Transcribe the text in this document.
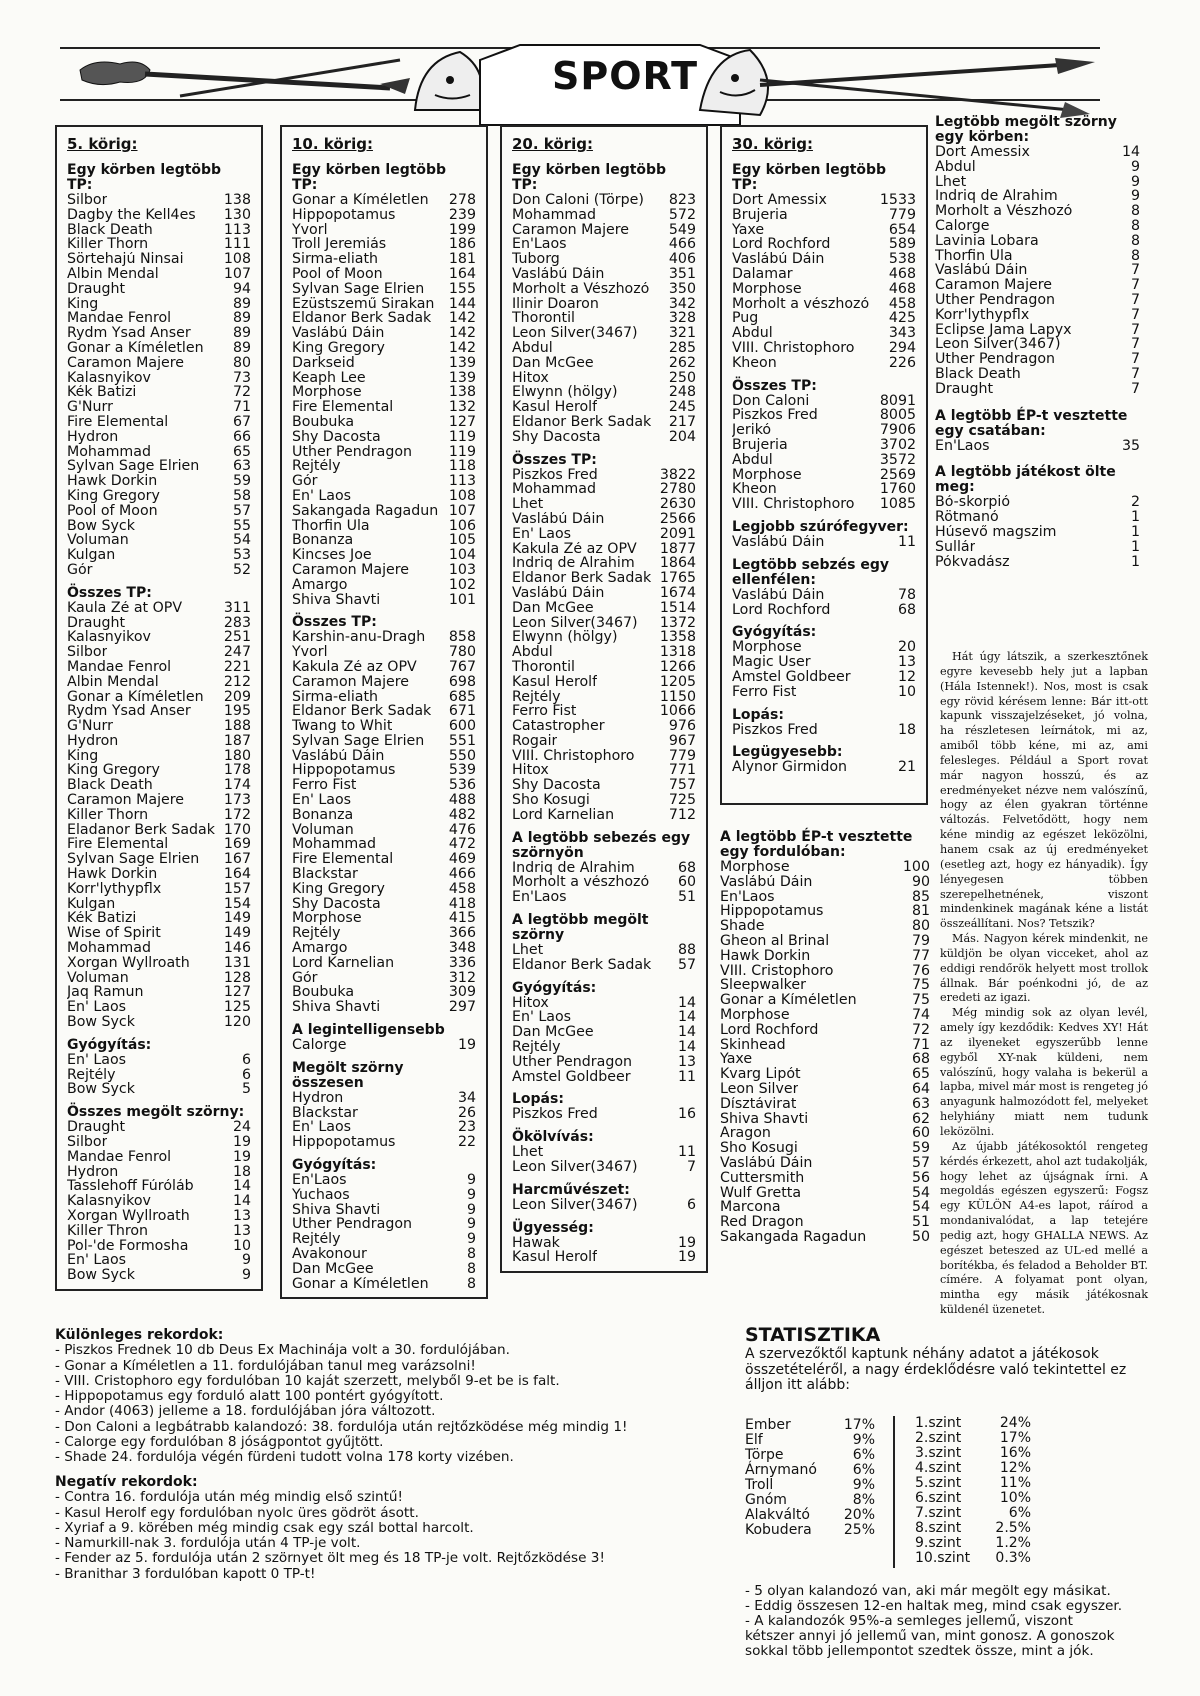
SPORT
5. körig:
Egy körben legtöbb TP:
Silbor	138
Dagby the Kell4es 130
Black Death	113
Killer Thorn	111
Sörtehajú Ninsai	108
Albin Mendal	107
Draught	94
King	89
Mandae Fenrol	89
Rydm Ysad Anser	89
Gonar a Kíméletlen 89
Caramon Majere	80
Kalasnyikov	73
Kék Batizi	72
G'Nurr	71
Fire Elemental	67
Hydron	66
Mohammad	65
Sylvan Sage Elrien 63
Hawk Dorkin	59
King Gregory	58
Pool of Moon	57
Bow Syck	55
Voluman	54
Kulgan	53
Gór	52
Összes TP:
Kaula Zé at OPV	311
Draught	283
Kalasnyikov	251
Silbor	247
Mandae Fenrol	221
Albin Mendal	212
Gonar a Kíméletlen 209
Rydm Ysad Anser 195
G'Nurr	188
Hydron	187
King	180
King Gregory	178
Black Death	174
Caramon Majere	173
Killer Thorn	172
Eladanor Berk Sadak 170
Fire Elemental	169
Sylvan Sage Elrien 167
Hawk Dorkin	164
Korr'lythypflx	157
Kulgan	154
Kék Batizi	149
Wise of Spirit	149
Mohammad	146
Xorgan Wyllroath 131
Voluman	128
Jaq Ramun	127
En' Laos	125
Bow Syck	120
Gyógyítás:
En' Laos	6
Rejtély	6
Bow Syck	5
Összes megölt szörny:
Draught	24
Silbor	19
Mandae Fenrol	19
Hydron	18
Tasslehoff Fúróláb	14
Kalasnyikov	14
Xorgan Wyllroath	13
Killer Thron	13
Pol-'de Formosha	10
En' Laos	9
Bow Syck	9
10. körig:
Egy körben legtöbb TP:
Gonar a Kíméletlen 278
Hippopotamus	239
Yvorl	199
Troll Jeremiás	186
Sirma-eliath	181
Pool of Moon	164
Sylvan Sage Elrien 155
Ezüstszemű Sirakan 144
Eldanor Berk Sadak 142
Vaslábú Dáin	142
King Gregory	142
Darkseid	139
Keaph Lee	139
Morphose	138
Fire Elemental	132
Boubuka	127
Shy Dacosta	119
Uther Pendragon	119
Rejtély	118
Gór	113
En' Laos	108
Sakangada Ragadun 107
Thorfin Ula	106
Bonanza	105
Kincses Joe	104
Caramon Majere	103
Amargo	102
Shiva Shavti	101
Összes TP:
Karshin-anu-Dragh 858
Yvorl	780
Kakula Zé az OPV 767
Caramon Majere	698
Sirma-eliath	685
Eldanor Berk Sadak 671
Twang to Whit	600
Sylvan Sage Elrien 551
Vaslábú Dáin	550
Hippopotamus	539
Ferro Fist	536
En' Laos	488
Bonanza	482
Voluman	476
Mohammad	472
Fire Elemental	469
Blackstar	466
King Gregory	458
Shy Dacosta	418
Morphose	415
Rejtély	366
Amargo	348
Lord Karnelian	336
Gór	312
Boubuka	309
Shiva Shavti	297
A legintelligensebb
Calorge	19
Megölt szörny összesen
Hydron	34
Blackstar	26
En' Laos	23
Hippopotamus	22
Gyógyítás:
En'Laos	9
Yuchaos	9
Shiva Shavti	9
Uther Pendragon	9
Rejtély	9
Avakonour	8
Dan McGee	8
Gonar a Kíméletlen	8
20. körig:
Egy körben legtöbb TP:
Don Caloni (Törpe) 823
Mohammad	572
Caramon Majere	549
En'Laos	466
Tuborg	406
Vaslábú Dáin	351
Morholt a Vészhozó 350
Ilinir Doaron	342
Thorontil	328
Leon Silver(3467) 321
Abdul	285
Dan McGee	262
Hitox	250
Elwynn (hölgy)	248
Kasul Herolf	245
Eldanor Berk Sadak 217
Shy Dacosta	204
Összes TP:
Piszkos Fred	3822
Mohammad	2780
Lhet	2630
Vaslábú Dáin	2566
En' Laos	2091
Kakula Zé az OPV 1877
Indriq de Alrahim 1864
Eldanor Berk Sadak 1765
Vaslábú Dáin	1674
Dan McGee	1514
Leon Silver(3467) 1372
Elwynn (hölgy)	1358
Abdul	1318
Thorontil	1266
Kasul Herolf	1205
Rejtély	1150
Ferro Fist	1066
Catastropher	976
Rogair	967
VIII. Christophoro 779
Hitox	771
Shy Dacosta	757
Sho Kosugi	725
Lord Karnelian	712
A legtöbb sebezés egy szörnyön
Indriq de Alrahim	68
Morholt a vészhozó 60
En'Laos	51
A legtöbb megölt szörny
Lhet	88
Eldanor Berk Sadak 57
Gyógyítás:
Hitox	14
En' Laos	14
Dan McGee	14
Rejtély	14
Uther Pendragon	13
Amstel Goldbeer	11
Lopás:
Piszkos Fred	16
Ökölvívás:
Lhet	11
Leon Silver(3467)	7
Harcművészet:
Leon Silver(3467)	6
Ügyesség:
Hawak	19
Kasul Herolf	19
30. körig:
Egy körben legtöbb TP:
Dort Amessix	1533
Brujeria	779
Yaxe	654
Lord Rochford	589
Vaslábú Dáin	538
Dalamar	468
Morphose	468
Morholt a vészhozó 458
Pug	425
Abdul	343
VIII. Christophoro 294
Kheon	226
Összes TP:
Don Caloni	8091
Piszkos Fred	8005
Jerikó	7906
Brujeria	3702
Abdul	3572
Morphose	2569
Kheon	1760
VIII. Christophoro 1085
Legjobb szúrófegyver:
Vaslábú Dáin	11
Legtöbb sebzés egy ellenfélen:
Vaslábú Dáin	78
Lord Rochford	68
Gyógyítás:
Morphose	20
Magic User	13
Amstel Goldbeer	12
Ferro Fist	10
Lopás:
Piszkos Fred	18
Legügyesebb:
Alynor Girmidon	21
Legtöbb megölt szörny egy körben:
Dort Amessix	14
Abdul	9
Lhet	9
Indriq de Alrahim	9
Morholt a Vészhozó	8
Calorge	8
Lavinia Lobara	8
Thorfin Ula	8
Vaslábú Dáin	7
Caramon Majere	7
Uther Pendragon	7
Korr'lythypflx	7
Eclipse Jama Lapyx	7
Leon Silver(3467)	7
Uther Pendragon	7
Black Death	7
Draught	7
A legtöbb ÉP-t vesztette egy csatában:
En'Laos	35
A legtöbb játékost ölte meg:
Bó-skorpió	2
Rötmanó	1
Húsevő magszim	1
Sullár	1
Pókvadász	1

Hát úgy látszik, a szerkesztőnek egyre kevesebb hely jut a lapban (Hála Istennek!). Nos, most is csak egy rövid kérésem lenne: Bár itt-ott kapunk visszajelzéseket, jó volna, ha részletesen leírnátok, mi az, amiből több kéne, mi az, ami felesleges. Például a Sport rovat már nagyon hosszú, és az eredményeket nézve nem valószínű, hogy az élen gyakran történne változás. Felvetődött, hogy nem kéne mindig az egészet leközölni, hanem csak az új eredményeket (esetleg azt, hogy ez hányadik). Így lényegesen többen szerepelhetnének, viszont mindenkinek magának kéne a listát összeállítani. Nos? Tetszik?

Más. Nagyon kérek mindenkit, ne küldjön be olyan vicceket, ahol az eddigi rendőrök helyett most trollok állnak. Bár poénkodni jó, de az eredeti az igazi.

Még mindig sok az olyan levél, amely így kezdődik: Kedves XY! Hát az ilyeneket egyszerűbb lenne egyből XY-nak küldeni, nem valószínű, hogy valaha is bekerül a lapba, mivel már most is rengeteg jó anyagunk halmozódott fel, melyeket helyhiány miatt nem tudunk leközölni.

Az újabb játékosoktól rengeteg kérdés érkezett, ahol azt tudakolják, hogy lehet az újságnak írni. A megoldás egészen egyszerű: Fogsz egy KÜLÖN A4-es lapot, ráírod a mondanivalódat, a lap tetejére pedig azt, hogy GHALLA NEWS. Az egészet beteszed az UL-ed mellé a borítékba, és feladod a Beholder BT. címére. A folyamat pont olyan, mintha egy másik játékosnak küldenél üzenetet.

Különleges rekordok:
- Piszkos Frednek 10 db Deus Ex Machinája volt a 30. fordulójában.
- Gonar a Kíméletlen a 11. fordulójában tanul meg varázsolni!
- VIII. Cristophoro egy fordulóban 10 kaját szerzett, melyből 9-et be is falt.
- Hippopotamus egy forduló alatt 100 pontért gyógyított.
- Andor (4063) jelleme a 18. fordulójában jóra változott.
- Don Caloni a legbátrabb kalandozó: 38. fordulója után rejtőzködése még mindig 1!
- Calorge egy fordulóban 8 jóságpontot gyűjtött.
- Shade 24. fordulója végén fürdeni tudott volna 178 korty vizében.
Negatív rekordok:
- Contra 16. fordulója után még mindig első szintű!
- Kasul Herolf egy fordulóban nyolc üres gödröt ásott.
- Xyriaf a 9. körében még mindig csak egy szál bottal harcolt.
- Namurkill-nak 3. fordulója után 4 TP-je volt.
- Fender az 5. fordulója után 2 szörnyet ölt meg és 18 TP-je volt. Rejtőzködése 3!
- Branithar 3 fordulóban kapott 0 TP-t!
STATISZTIKA
A szervezőktől kaptunk néhány adatot a játékosok összetételéről, a nagy érdeklődésre való tekintettel ez álljon itt alább:
Ember	17%
Elf	9%
Törpe	6%
Árnymanó	6%
Troll	9%
Gnóm	8%
Alakváltó	20%
Kobudera	25%
1.szint	24%
2.szint	17%
3.szint	16%
4.szint	12%
5.szint	11%
6.szint	10%
7.szint	6%
8.szint	2.5%
9.szint	1.2%
10.szint	0.3%
- 5 olyan kalandozó van, aki már megölt egy másikat.
- Eddig összesen 12-en haltak meg, mind csak egyszer.
- A kalandozók 95%-a semleges jellemű, viszont
kétszer annyi jó jellemű van, mint gonosz. A gonoszok
sokkal több jellempontot szedtek össze, mint a jók.
A legtöbb ÉP-t vesztette egy fordulóban:
Morphose	100
Vaslábú Dáin	90
En'Laos	85
Hippopotamus	81
Shade	80
Gheon al Brinal	79
Hawk Dorkin	77
VIII. Cristophoro	76
Sleepwalker	75
Gonar a Kíméletlen	75
Morphose	74
Lord Rochford	72
Skinhead	71
Yaxe	68
Kvarg Lipót	65
Leon Silver	64
Dísztávirat	63
Shiva Shavti	62
Aragon	60
Sho Kosugi	59
Vaslábú Dáin	57
Cuttersmith	56
Wulf Gretta	54
Marcona	54
Red Dragon	51
Sakangada Ragadun	50
